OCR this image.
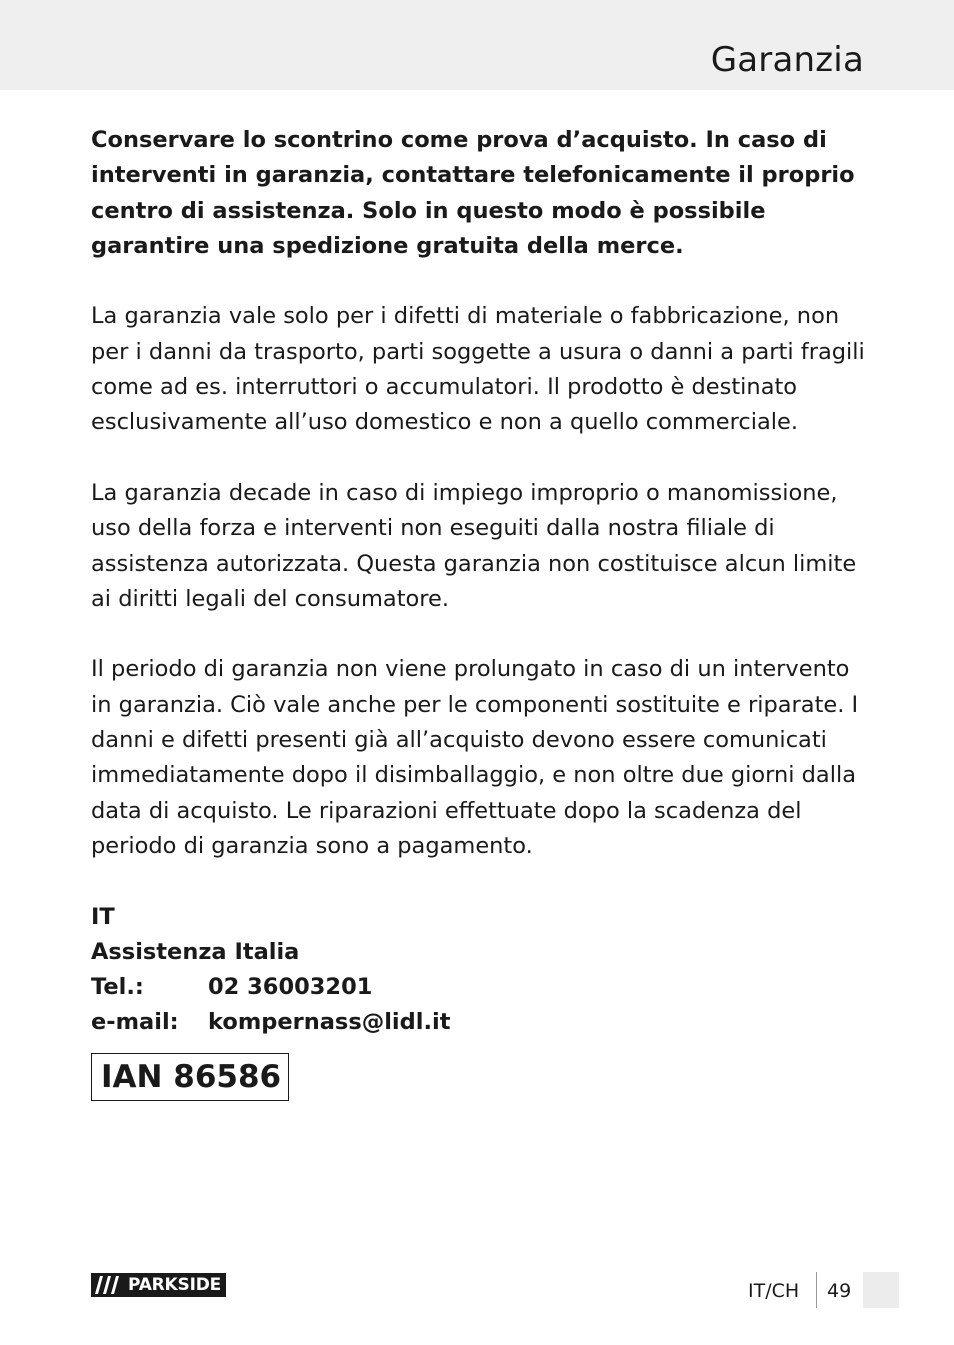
Garanzia

Conservare lo scontrino come prova d’acquisto. In caso di interventi in garanzia, contattare telefonicamente il proprio centro di assistenza. Solo in questo modo è possibile garantire una spedizione gratuita della merce.

La garanzia vale solo per i difetti di materiale o fabbricazione, non per i danni da trasporto, parti soggette a usura o danni a parti fragili come ad es. interruttori o accumulatori. Il prodotto è destinato esclusivamente all’uso domestico e non a quello commerciale.

La garanzia decade in caso di impiego improprio o manomissione, uso della forza e interventi non eseguiti dalla nostra filiale di assistenza autorizzata. Questa garanzia non costituisce alcun limite ai diritti legali del consumatore.

Il periodo di garanzia non viene prolungato in caso di un intervento in garanzia. Ciò vale anche per le componenti sostituite e riparate. I danni e difetti presenti già all’acquisto devono essere comunicati immediatamente dopo il disimballaggio, e non oltre due giorni dalla data di acquisto. Le riparazioni effettuate dopo la scadenza del periodo di garanzia sono a pagamento.

IT
Assistenza Italia
Tel.:	02 36003201
e-mail:	kompernass@lidl.it
IAN 86586
PARKSIDE	IT/CH 49
